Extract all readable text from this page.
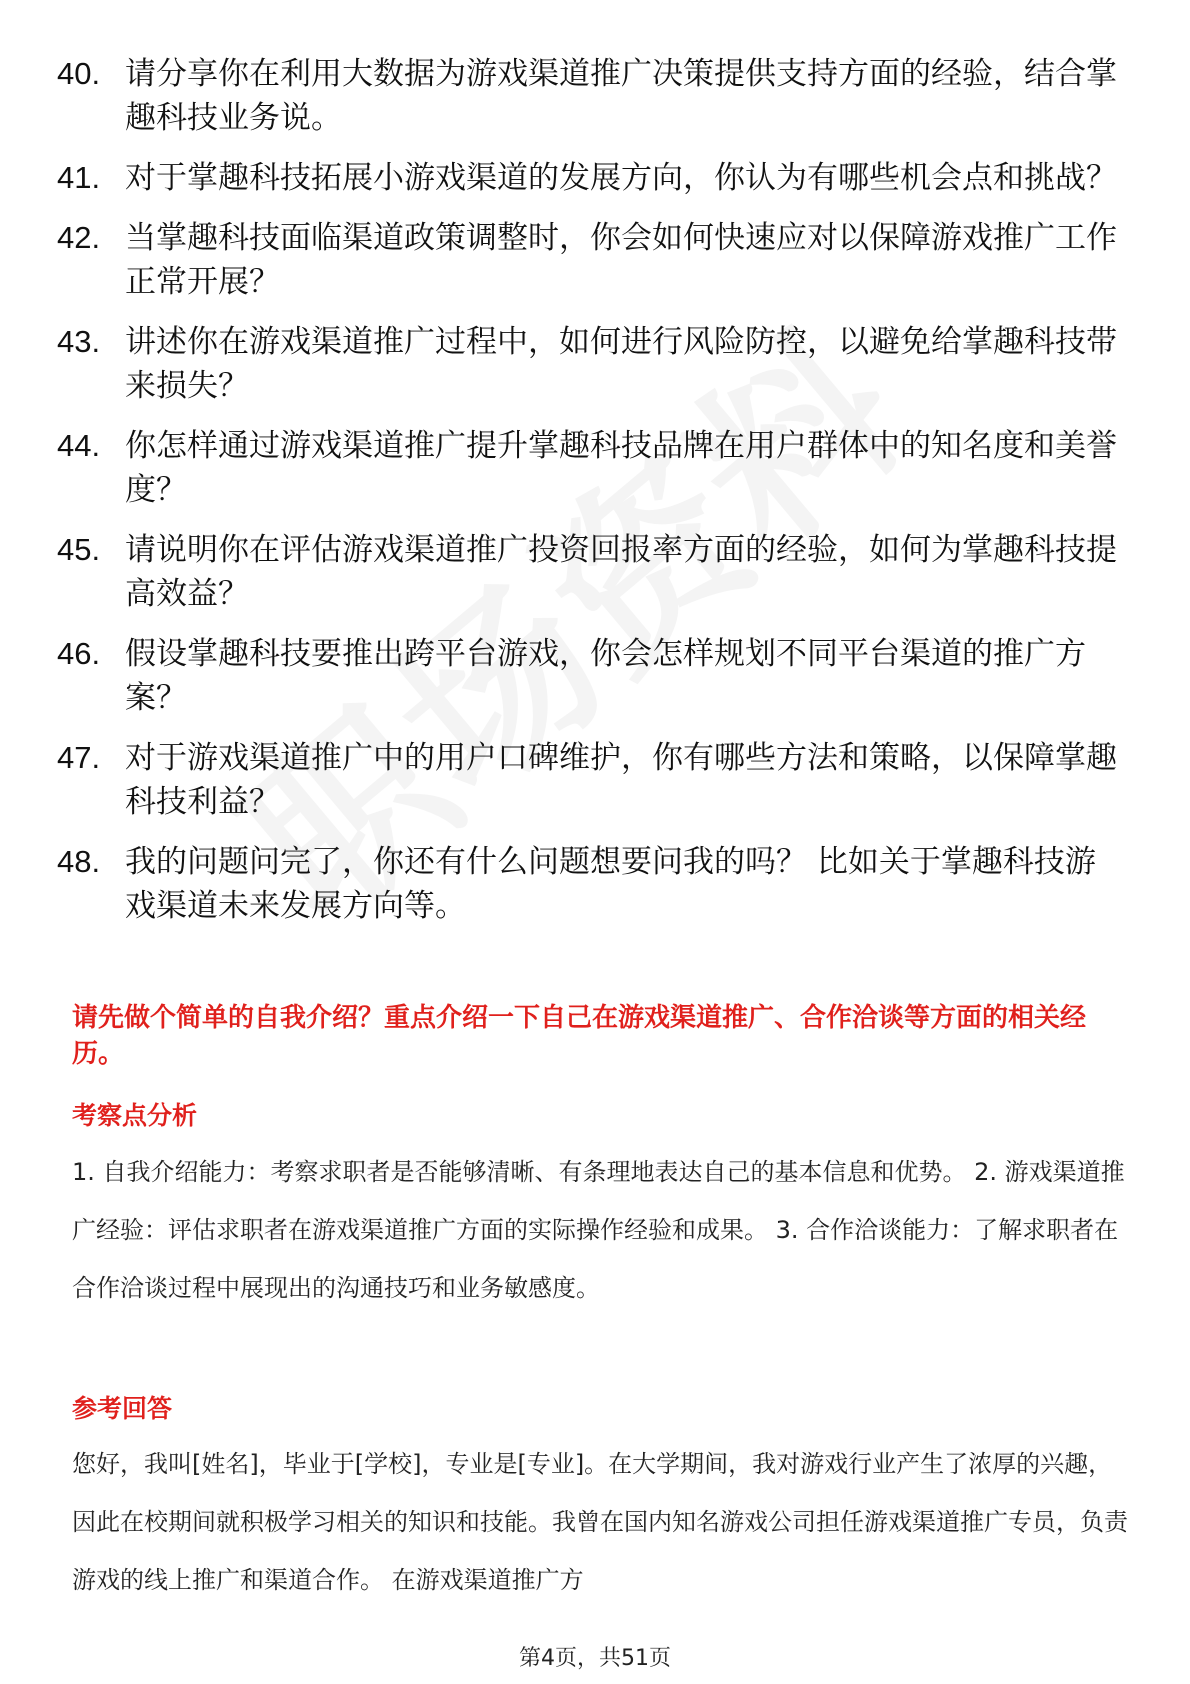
40. 请分享你在利用大数据为游戏渠道推广决策提供支持方面的经验，结合掌趣科技业务说。
41. 对于掌趣科技拓展小游戏渠道的发展方向，你认为有哪些机会点和挑战？
42. 当掌趣科技面临渠道政策调整时，你会如何快速应对以保障游戏推广工作正常开展？
43. 讲述你在游戏渠道推广过程中，如何进行风险防控，以避免给掌趣科技带来损失？
44. 你怎样通过游戏渠道推广提升掌趣科技品牌在用户群体中的知名度和美誉度？
45. 请说明你在评估游戏渠道推广投资回报率方面的经验，如何为掌趣科技提高效益？
46. 假设掌趣科技要推出跨平台游戏，你会怎样规划不同平台渠道的推广方案？
47. 对于游戏渠道推广中的用户口碑维护，你有哪些方法和策略，以保障掌趣科技利益？
48. 我的问题问完了，你还有什么问题想要问我的吗？ 比如关于掌趣科技游戏渠道未来发展方向等。
请先做个简单的自我介绍？重点介绍一下自己在游戏渠道推广、合作洽谈等方面的相关经历。
考察点分析
1. 自我介绍能力：考察求职者是否能够清晰、有条理地表达自己的基本信息和优势。 2. 游戏渠道推广经验：评估求职者在游戏渠道推广方面的实际操作经验和成果。 3. 合作洽谈能力：了解求职者在合作洽谈过程中展现出的沟通技巧和业务敏感度。
参考回答
您好，我叫[姓名]，毕业于[学校]，专业是[专业]。在大学期间，我对游戏行业产生了浓厚的兴趣，因此在校期间就积极学习相关的知识和技能。我曾在国内知名游戏公司担任游戏渠道推广专员，负责游戏的线上推广和渠道合作。 在游戏渠道推广方
第4页，共51页
